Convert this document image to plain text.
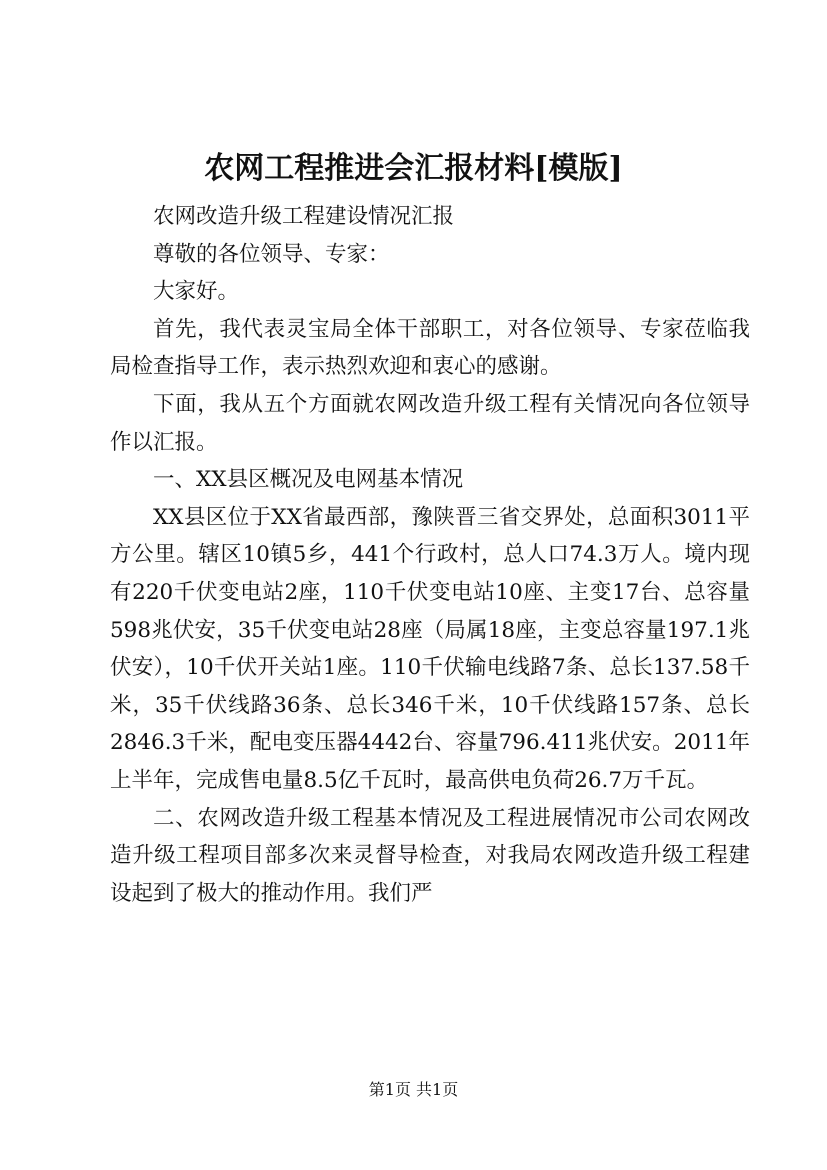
农网工程推进会汇报材料[模版]

农网改造升级工程建设情况汇报

尊敬的各位领导、专家：

大家好。

首先，我代表灵宝局全体干部职工，对各位领导、专家莅临我局检查指导工作，表示热烈欢迎和衷心的感谢。

下面，我从五个方面就农网改造升级工程有关情况向各位领导作以汇报。

一、XX县区概况及电网基本情况

XX县区位于XX省最西部，豫陕晋三省交界处，总面积3011平方公里。辖区10镇5乡，441个行政村，总人口74.3万人。境内现有220千伏变电站2座，110千伏变电站10座、主变17台、总容量598兆伏安，35千伏变电站28座（局属18座，主变总容量197.1兆伏安），10千伏开关站1座。110千伏输电线路7条、总长137.58千米，35千伏线路36条、总长346千米，10千伏线路157条、总长2846.3千米，配电变压器4442台、容量796.411兆伏安。2011年上半年，完成售电量8.5亿千瓦时，最高供电负荷26.7万千瓦。

二、农网改造升级工程基本情况及工程进展情况市公司农网改造升级工程项目部多次来灵督导检查，对我局农网改造升级工程建设起到了极大的推动作用。我们严

第1页 共1页
